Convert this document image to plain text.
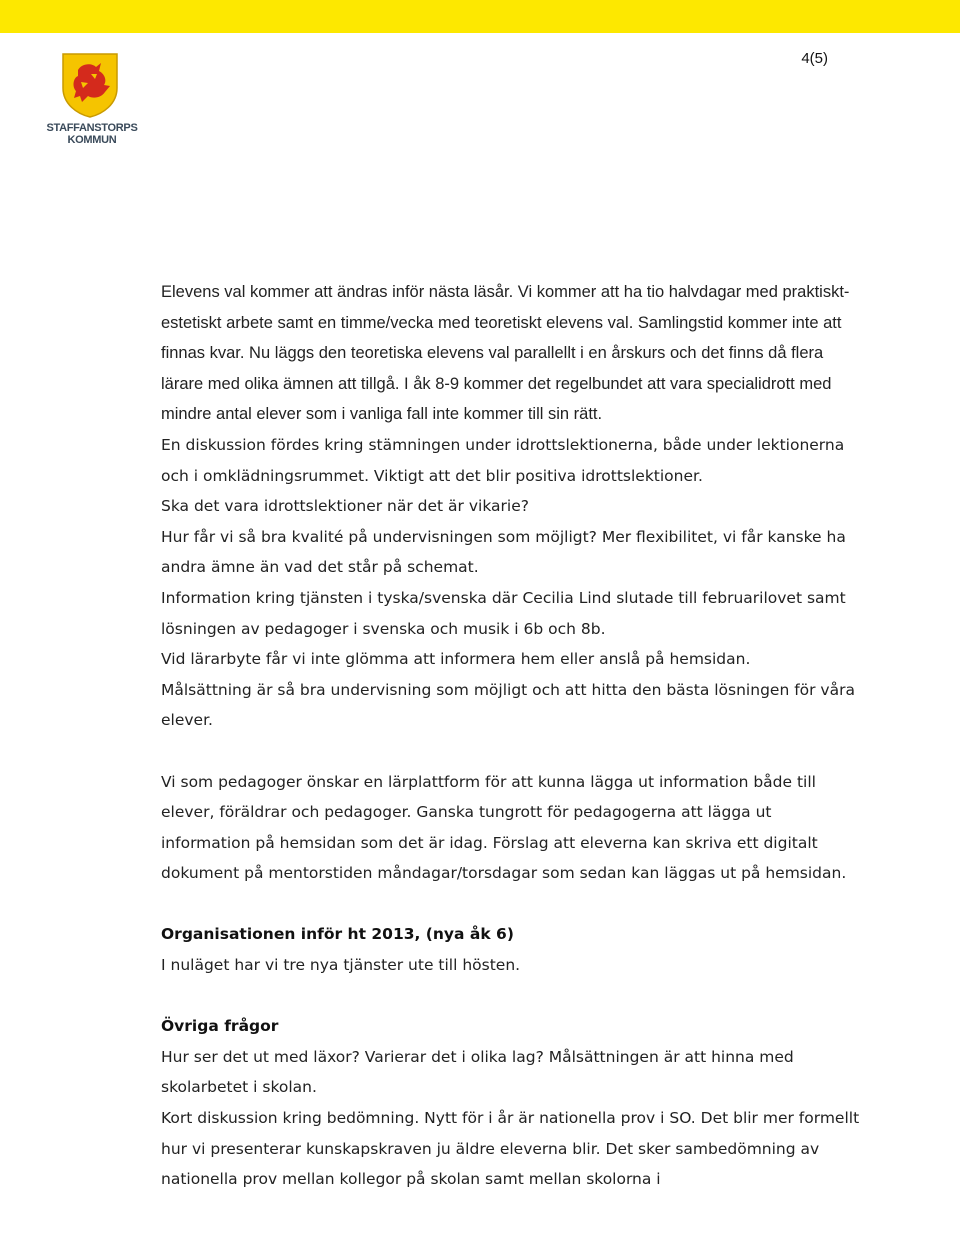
STAFFANSTORPS
KOMMUN
4(5)

Elevens val kommer att ändras inför nästa läsår. Vi kommer att ha tio halvdagar med praktiskt- estetiskt arbete samt en timme/vecka med teoretiskt elevens val. Samlingstid kommer inte att finnas kvar. Nu läggs den teoretiska elevens val parallellt i en årskurs och det finns då flera lärare med olika ämnen att tillgå. I åk 8-9 kommer det regelbundet att vara specialidrott med mindre antal elever som i vanliga fall inte kommer till sin rätt.

En diskussion fördes kring stämningen under idrottslektionerna, både under lektionerna och i omklädningsrummet. Viktigt att det blir positiva idrottslektioner.

Ska det vara idrottslektioner när det är vikarie?

Hur får vi så bra kvalité på undervisningen som möjligt? Mer flexibilitet, vi får kanske ha andra ämne än vad det står på schemat.

Information kring tjänsten i tyska/svenska där Cecilia Lind slutade till februarilovet samt lösningen av pedagoger i svenska och musik i 6b och 8b.

Vid lärarbyte får vi inte glömma att informera hem eller anslå på hemsidan.

Målsättning är så bra undervisning som möjligt och att hitta den bästa lösningen för våra elever.

Vi som pedagoger önskar en lärplattform för att kunna lägga ut information både till elever, föräldrar och pedagoger. Ganska tungrott för pedagogerna att lägga ut information på hemsidan som det är idag. Förslag att eleverna kan skriva ett digitalt dokument på mentorstiden måndagar/torsdagar som sedan kan läggas ut på hemsidan.

Organisationen inför ht 2013, (nya åk 6)

I nuläget har vi tre nya tjänster ute till hösten.

Övriga frågor

Hur ser det ut med läxor? Varierar det i olika lag? Målsättningen är att hinna med skolarbetet i skolan.

Kort diskussion kring bedömning. Nytt för i år är nationella prov i SO. Det blir mer formellt hur vi presenterar kunskapskraven ju äldre eleverna blir. Det sker sambedömning av nationella prov mellan kollegor på skolan samt mellan skolorna i
